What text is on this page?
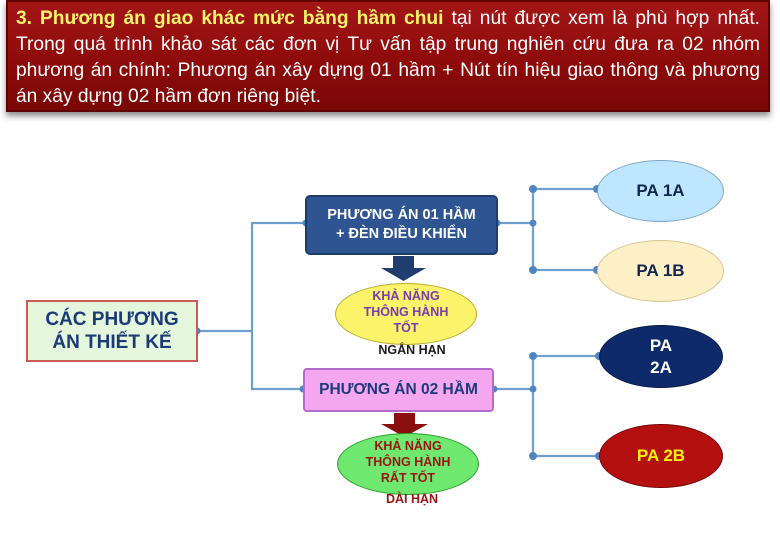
3. Phương án giao khác mức bằng hầm chui tại nút được xem là phù hợp nhất. Trong quá trình khảo sát các đơn vị Tư vấn tập trung nghiên cứu đưa ra 02 nhóm phương án chính: Phương án xây dựng 01 hầm + Nút tín hiệu giao thông và phương án xây dựng 02 hầm đơn riêng biệt.
CÁC PHƯƠNG
ÁN THIẾT KẾ
PHƯƠNG ÁN 01 HẦM
+ ĐÈN ĐIỀU KHIỂN
PHƯƠNG ÁN 02 HẦM
KHẢ NĂNG
THÔNG HÀNH
TỐT
NGẮN HẠN
KHẢ NĂNG
THÔNG HÀNH
RẤT TỐT
DÀI HẠN
PA 1A
PA 1B
PA
2A
PA 2B
